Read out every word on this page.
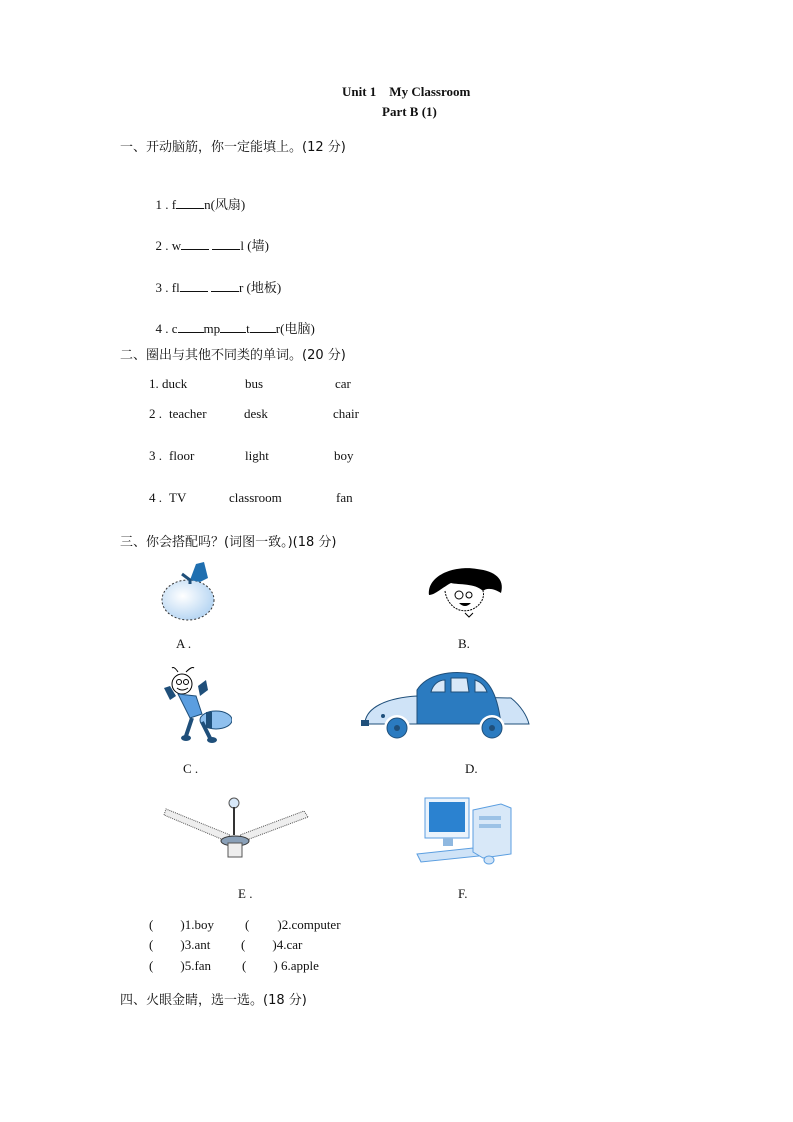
Unit 1    My Classroom
Part B (1)
一、开动脑筋，你一定能填上。(12 分)

1 . f n(风扇)

2 . w	l (墙)

3 . fl	r (地板)

4 . c mp t r(电脑)

二、圈出与其他不同类的单词。(20 分)
1. duck	bus	car
2 . teacher	desk	chair
3 . floor	light	boy
4 . TV	classroom	fan
三、你会搭配吗？(词图一致。)(18 分)
A .	B.
C .	D.
E .	F.
( )1.boy ( )2.computer
( )3.ant ( )4.car
( )5.fan ( ) 6.apple
四、火眼金睛，选一选。(18 分)
